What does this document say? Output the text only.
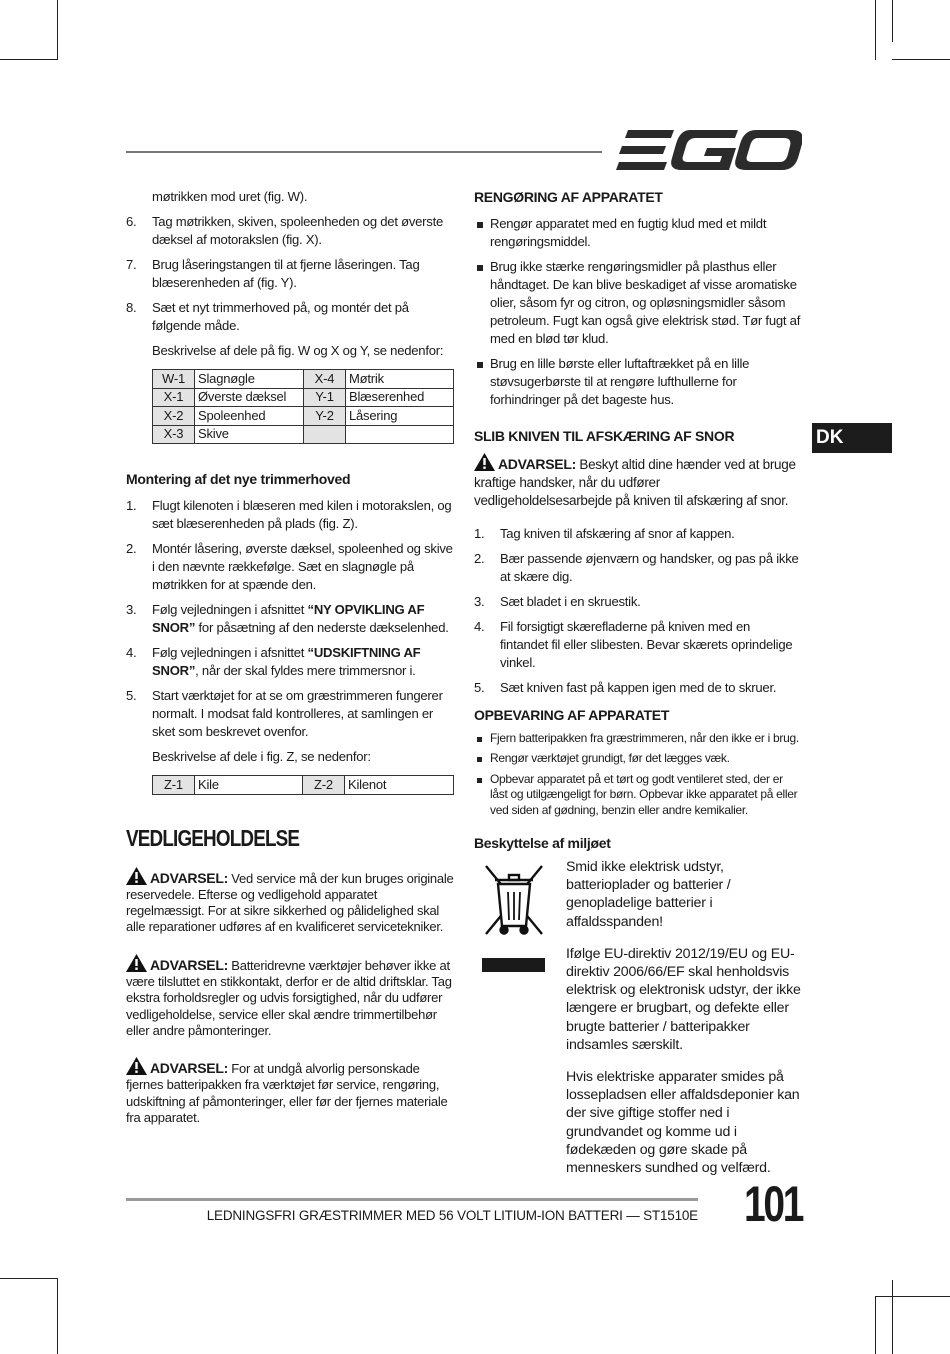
DK
møtrikken mod uret (fig. W).
6. Tag møtrikken, skiven, spoleenheden og det øverste dæksel af motorakslen (fig. X).
7. Brug låseringstangen til at fjerne låseringen. Tag blæserenheden af (fig. Y).
8. Sæt et nyt trimmerhoved på, og montér det på følgende måde.
Beskrivelse af dele på fig. W og X og Y, se nedenfor:
W-1	Slagnøgle	X-4	Møtrik
X-1	Øverste dæksel	Y-1	Blæserenhed
X-2	Spoleenhed	Y-2	Låsering
X-3	Skive		
Montering af det nye trimmerhoved
1. Flugt kilenoten i blæseren med kilen i motorakslen, og sæt blæserenheden på plads (fig. Z).
2. Montér låsering, øverste dæksel, spoleenhed og skive i den nævnte rækkefølge. Sæt en slagnøgle på møtrikken for at spænde den.
3. Følg vejledningen i afsnittet “NY OPVIKLING AF SNOR” for påsætning af den nederste dækselenhed.
4. Følg vejledningen i afsnittet “UDSKIFTNING AF SNOR”, når der skal fyldes mere trimmersnor i.
5. Start værktøjet for at se om græstrimmeren fungerer normalt. I modsat fald kontrolleres, at samlingen er sket som beskrevet ovenfor.
Beskrivelse af dele i fig. Z, se nedenfor:
Z-1	Kile	Z-2	Kilenot
VEDLIGEHOLDELSE
ADVARSEL: Ved service må der kun bruges originale reservedele. Efterse og vedligehold apparatet regelmæssigt. For at sikre sikkerhed og pålidelighed skal alle reparationer udføres af en kvalificeret servicetekniker.
ADVARSEL: Batteridrevne værktøjer behøver ikke at være tilsluttet en stikkontakt, derfor er de altid driftsklar. Tag ekstra forholdsregler og udvis forsigtighed, når du udfører vedligeholdelse, service eller skal ændre trimmertilbehør eller andre påmonteringer.
ADVARSEL: For at undgå alvorlig personskade fjernes batteripakken fra værktøjet før service, rengøring, udskiftning af påmonteringer, eller før der fjernes materiale fra apparatet.
RENGØRING AF APPARATET
Rengør apparatet med en fugtig klud med et mildt rengøringsmiddel.
Brug ikke stærke rengøringsmidler på plasthus eller håndtaget. De kan blive beskadiget af visse aromatiske olier, såsom fyr og citron, og opløsningsmidler såsom petroleum. Fugt kan også give elektrisk stød. Tør fugt af med en blød tør klud.
Brug en lille børste eller luftaftrækket på en lille støvsugerbørste til at rengøre lufthullerne for forhindringer på det bageste hus.
SLIB KNIVEN TIL AFSKÆRING AF SNOR
ADVARSEL: Beskyt altid dine hænder ved at bruge kraftige handsker, når du udfører vedligeholdelsesarbejde på kniven til afskæring af snor.
1. Tag kniven til afskæring af snor af kappen.
2. Bær passende øjenværn og handsker, og pas på ikke at skære dig.
3. Sæt bladet i en skruestik.
4. Fil forsigtigt skærefladerne på kniven med en fintandet fil eller slibesten. Bevar skærets oprindelige vinkel.
5. Sæt kniven fast på kappen igen med de to skruer.
OPBEVARING AF APPARATET
Fjern batteripakken fra græstrimmeren, når den ikke er i brug.
Rengør værktøjet grundigt, før det lægges væk.
Opbevar apparatet på et tørt og godt ventileret sted, der er låst og utilgængeligt for børn. Opbevar ikke apparatet på eller ved siden af gødning, benzin eller andre kemikalier.
Beskyttelse af miljøet

Smid ikke elektrisk udstyr, batterioplader og batterier / genopladelige batterier i affaldsspanden!

Ifølge EU-direktiv 2012/19/EU og EU-direktiv 2006/66/EF skal henholdsvis elektrisk og elektronisk udstyr, der ikke længere er brugbart, og defekte eller brugte batterier / batteripakker indsamles særskilt.

Hvis elektriske apparater smides på lossepladsen eller affaldsdeponier kan der sive giftige stoffer ned i grundvandet og komme ud i fødekæden og gøre skade på menneskers sundhed og velfærd.

LEDNINGSFRI GRÆSTRIMMER MED 56 VOLT LITIUM-ION BATTERI — ST1510E 101
